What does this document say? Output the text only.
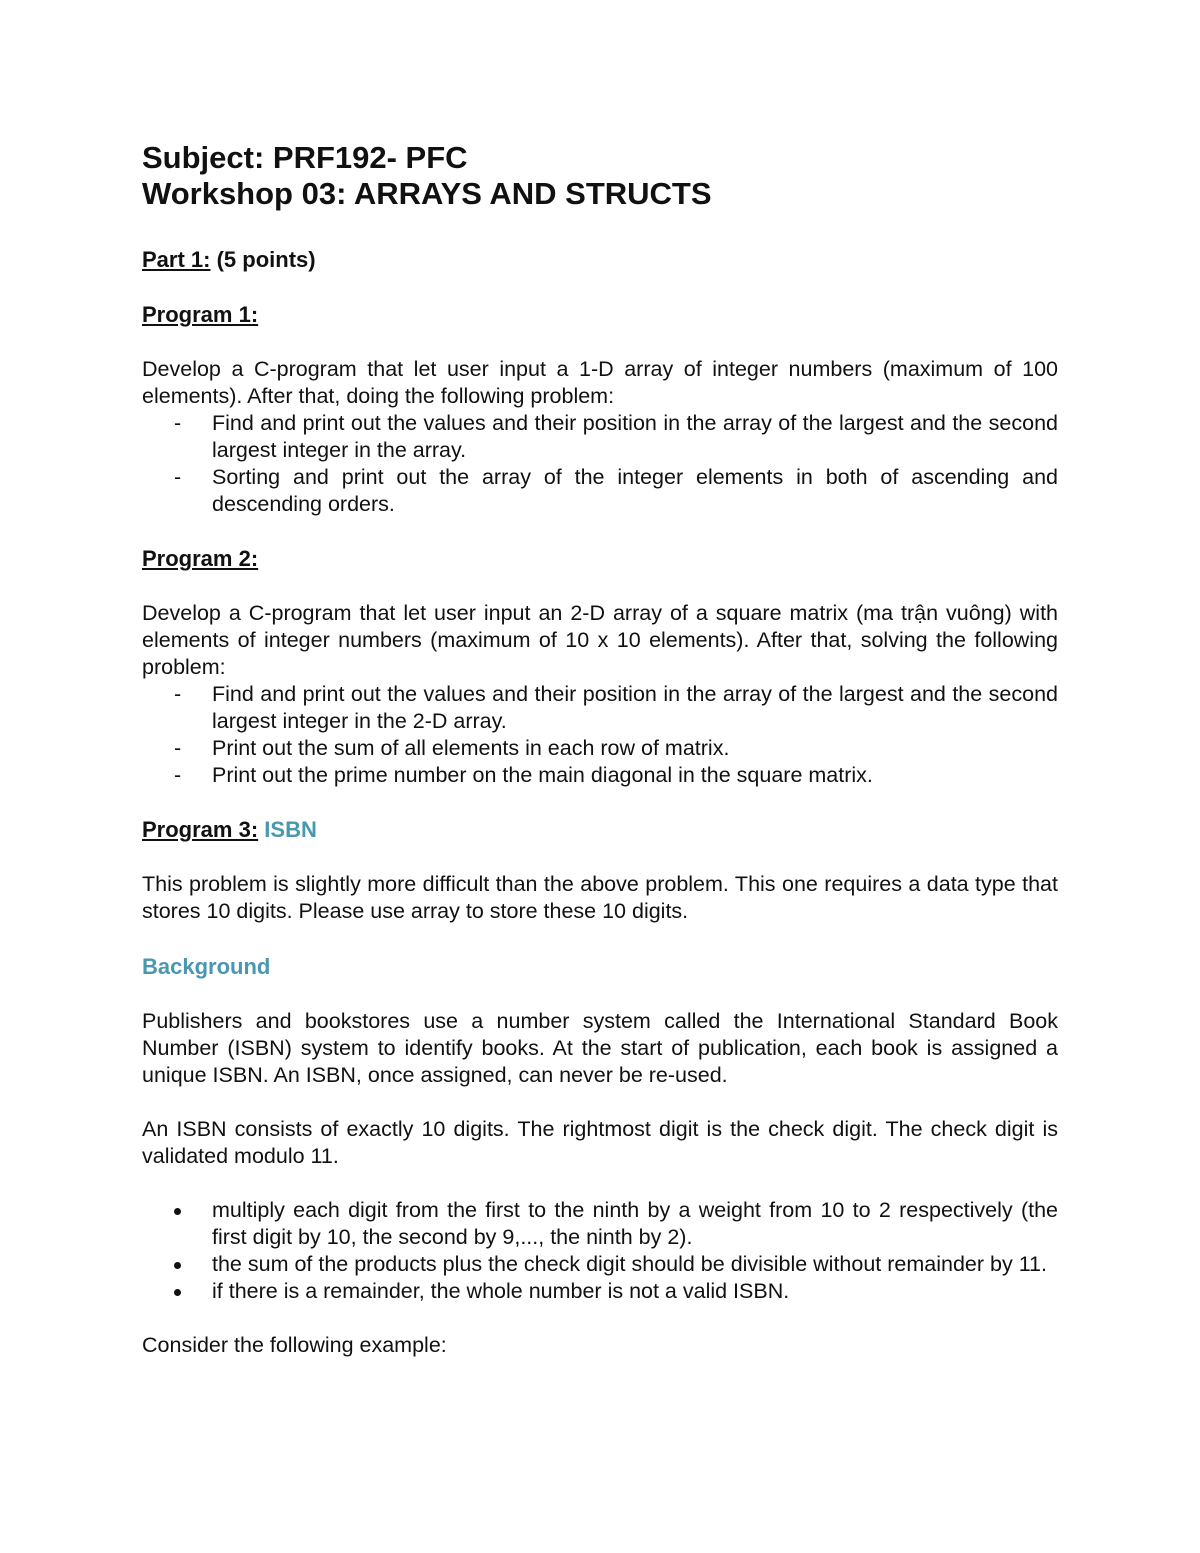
Subject: PRF192- PFC
Workshop 03: ARRAYS AND STRUCTS
Part 1: (5 points)
Program 1:

Develop a C-program that let user input a 1-D array of integer numbers (maximum of 100 elements). After that, doing the following problem:

- Find and print out the values and their position in the array of the largest and the second largest integer in the array.
- Sorting and print out the array of the integer elements in both of ascending and descending orders.
Program 2:

Develop a C-program that let user input an 2-D array of a square matrix (ma trận vuông) with elements of integer numbers (maximum of 10 x 10 elements). After that, solving the following problem:

- Find and print out the values and their position in the array of the largest and the second largest integer in the 2-D array.
- Print out the sum of all elements in each row of matrix.
- Print out the prime number on the main diagonal in the square matrix.
Program 3: ISBN

This problem is slightly more difficult than the above problem. This one requires a data type that stores 10 digits. Please use array to store these 10 digits.

Background

Publishers and bookstores use a number system called the International Standard Book Number (ISBN) system to identify books. At the start of publication, each book is assigned a unique ISBN. An ISBN, once assigned, can never be re-used.

An ISBN consists of exactly 10 digits. The rightmost digit is the check digit. The check digit is validated modulo 11.

multiply each digit from the first to the ninth by a weight from 10 to 2 respectively (the first digit by 10, the second by 9,..., the ninth by 2).
the sum of the products plus the check digit should be divisible without remainder by 11.
if there is a remainder, the whole number is not a valid ISBN.

Consider the following example:
